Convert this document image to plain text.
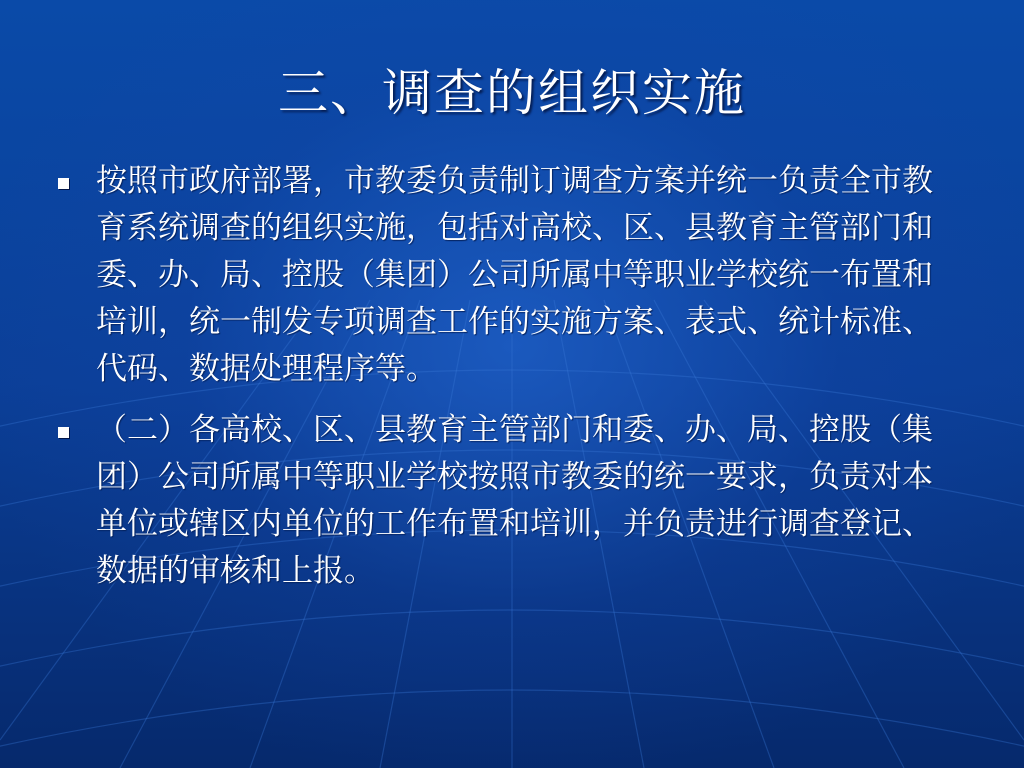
三、调查的组织实施
按照市政府部署，市教委负责制订调查方案并统一负责全市教育系统调查的组织实施，包括对高校、区、县教育主管部门和委、办、局、控股（集团）公司所属中等职业学校统一布置和培训，统一制发专项调查工作的实施方案、表式、统计标准、代码、数据处理程序等。
（二）各高校、区、县教育主管部门和委、办、局、控股（集团）公司所属中等职业学校按照市教委的统一要求，负责对本单位或辖区内单位的工作布置和培训，并负责进行调查登记、数据的审核和上报。
